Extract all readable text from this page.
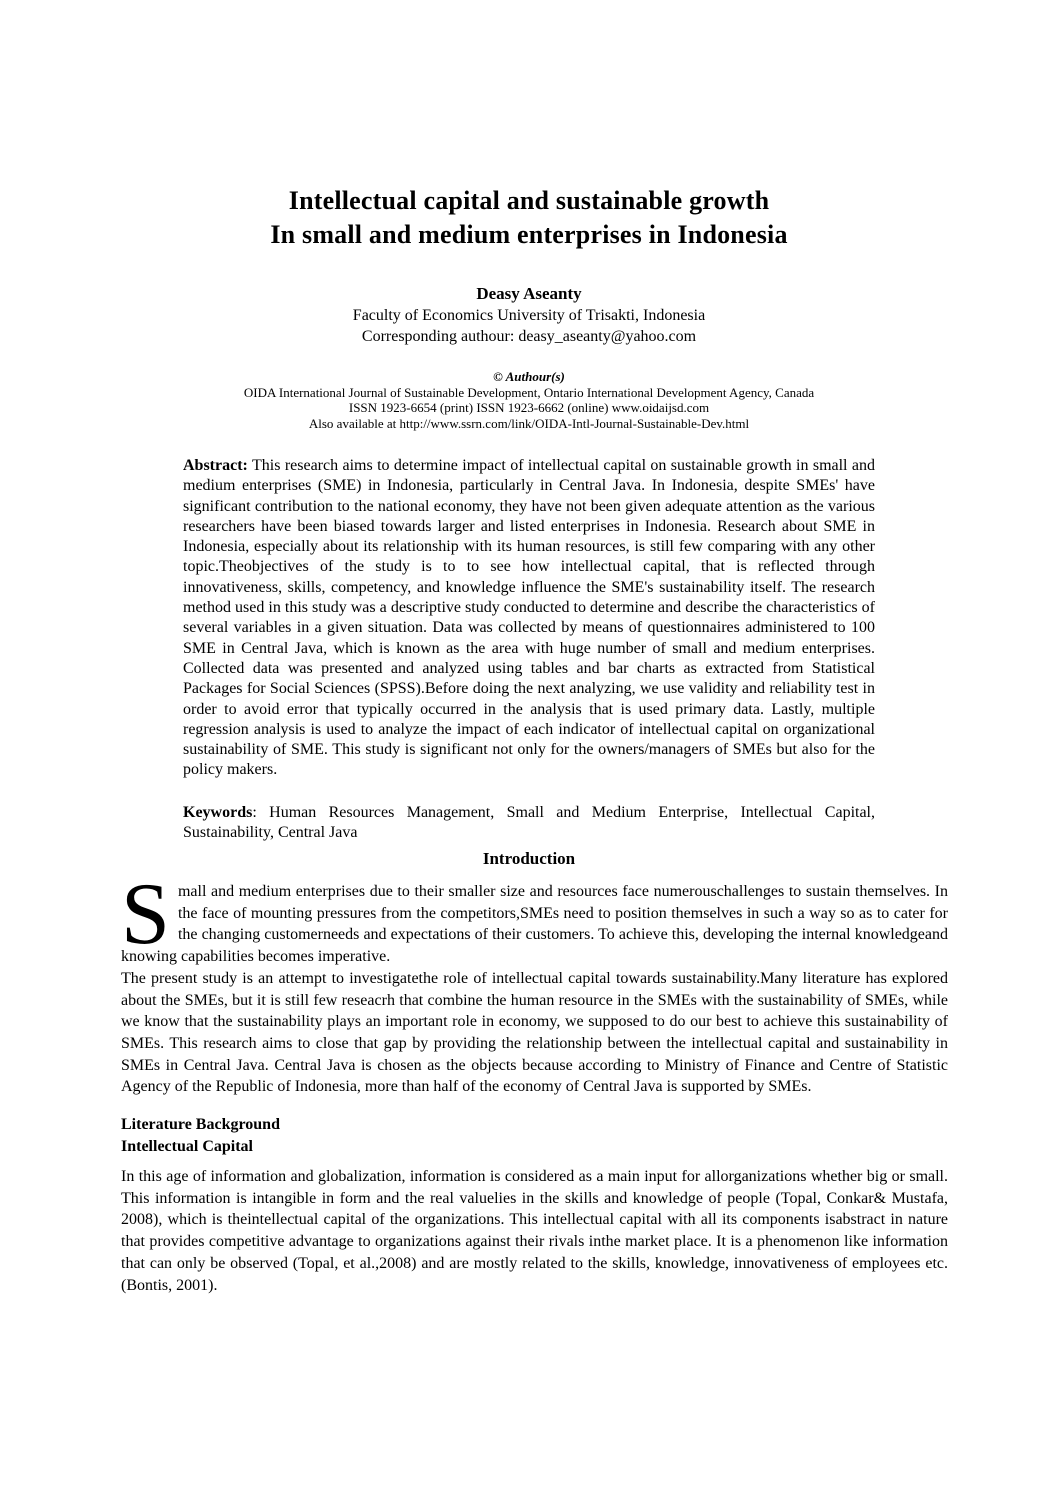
Intellectual capital and sustainable growth
In small and medium enterprises in Indonesia
Deasy Aseanty
Faculty of Economics University of Trisakti, Indonesia
Corresponding authour: deasy_aseanty@yahoo.com
© Authour(s)
OIDA International Journal of Sustainable Development, Ontario International Development Agency, Canada
ISSN 1923-6654 (print) ISSN 1923-6662 (online) www.oidaijsd.com
Also available at http://www.ssrn.com/link/OIDA-Intl-Journal-Sustainable-Dev.html
Abstract: This research aims to determine impact of intellectual capital on sustainable growth in small and medium enterprises (SME) in Indonesia, particularly in Central Java. In Indonesia, despite SMEs' have significant contribution to the national economy, they have not been given adequate attention as the various researchers have been biased towards larger and listed enterprises in Indonesia. Research about SME in Indonesia, especially about its relationship with its human resources, is still few comparing with any other topic.Theobjectives of the study is to to see how intellectual capital, that is reflected through innovativeness, skills, competency, and knowledge influence the SME's sustainability itself. The research method used in this study was a descriptive study conducted to determine and describe the characteristics of several variables in a given situation. Data was collected by means of questionnaires administered to 100 SME in Central Java, which is known as the area with huge number of small and medium enterprises. Collected data was presented and analyzed using tables and bar charts as extracted from Statistical Packages for Social Sciences (SPSS).Before doing the next analyzing, we use validity and reliability test in order to avoid error that typically occurred in the analysis that is used primary data. Lastly, multiple regression analysis is used to analyze the impact of each indicator of intellectual capital on organizational sustainability of SME. This study is significant not only for the owners/managers of SMEs but also for the policy makers.
Keywords: Human Resources Management, Small and Medium Enterprise, Intellectual Capital, Sustainability, Central Java
Introduction

Small and medium enterprises due to their smaller size and resources face numerouschallenges to sustain themselves. In the face of mounting pressures from the competitors,SMEs need to position themselves in such a way so as to cater for the changing customerneeds and expectations of their customers. To achieve this, developing the internal knowledgeand knowing capabilities becomes imperative.

The present study is an attempt to investigatethe role of intellectual capital towards sustainability.Many literature has explored about the SMEs, but it is still few reseacrh that combine the human resource in the SMEs with the sustainability of SMEs, while we know that the sustainability plays an important role in economy, we supposed to do our best to achieve this sustainability of SMEs. This research aims to close that gap by providing the relationship between the intellectual capital and sustainability in SMEs in Central Java. Central Java is chosen as the objects because according to Ministry of Finance and Centre of Statistic Agency of the Republic of Indonesia, more than half of the economy of Central Java is supported by SMEs.

Literature Background
Intellectual Capital

In this age of information and globalization, information is considered as a main input for allorganizations whether big or small. This information is intangible in form and the real valuelies in the skills and knowledge of people (Topal, Conkar& Mustafa, 2008), which is theintellectual capital of the organizations. This intellectual capital with all its components isabstract in nature that provides competitive advantage to organizations against their rivals inthe market place. It is a phenomenon like information that can only be observed (Topal, et al.,2008) and are mostly related to the skills, knowledge, innovativeness of employees etc.(Bontis, 2001).
